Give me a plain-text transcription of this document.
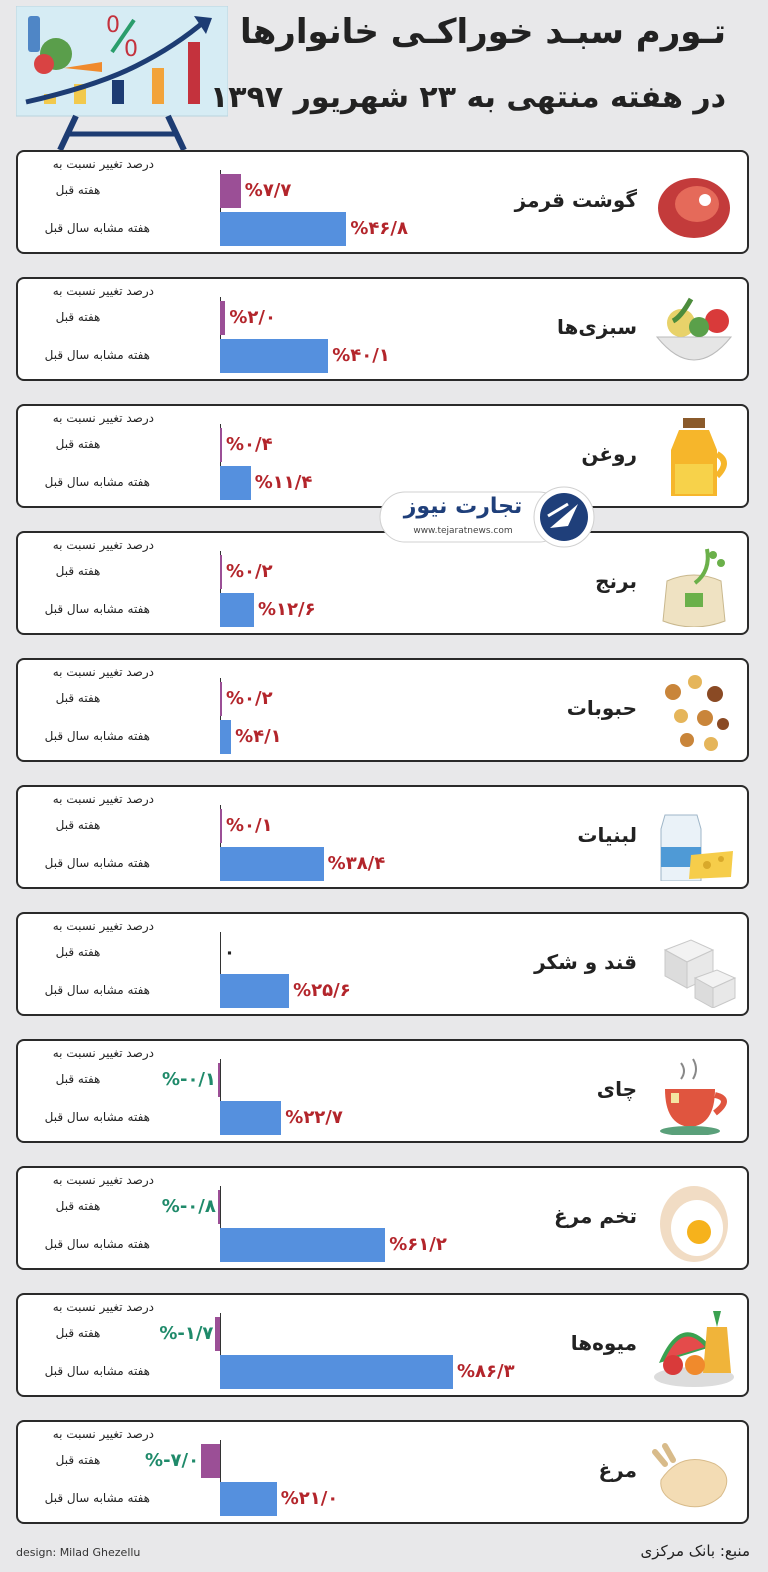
0
0	تـورم سبـد خوراکـی خانوارها
در هفته منتهی به ۲۳ شهریور ۱۳۹۷
درصد تغییر نسبت به
هفته قبل
هفته مشابه سال قبل
%۷/۷
%۴۶/۸
گوشت قرمز
درصد تغییر نسبت به
هفته قبل
هفته مشابه سال قبل
%۲/۰
%۴۰/۱
سبزی‌ها
درصد تغییر نسبت به
هفته قبل
هفته مشابه سال قبل
%۰/۴
%۱۱/۴
روغن
درصد تغییر نسبت به
هفته قبل
هفته مشابه سال قبل
%۰/۲
%۱۲/۶
برنج
درصد تغییر نسبت به
هفته قبل
هفته مشابه سال قبل
%۰/۲
%۴/۱
حبوبات
درصد تغییر نسبت به
هفته قبل
هفته مشابه سال قبل
%۰/۱
%۳۸/۴
لبنیات
درصد تغییر نسبت به
هفته قبل
هفته مشابه سال قبل
۰
%۲۵/۶
قند و شکر
درصد تغییر نسبت به
هفته قبل
هفته مشابه سال قبل
%-۰/۱
%۲۲/۷
چای
درصد تغییر نسبت به
هفته قبل
هفته مشابه سال قبل
%-۰/۸
%۶۱/۲
تخم مرغ
درصد تغییر نسبت به
هفته قبل
هفته مشابه سال قبل
%-۱/۷
%۸۶/۳
میوه‌ها
درصد تغییر نسبت به
هفته قبل
هفته مشابه سال قبل
%-۷/۰
%۲۱/۰
مرغ
تجارت نیوز
www.tejaratnews.com
design: Milad Ghezellu	منبع: بانک مرکزی
